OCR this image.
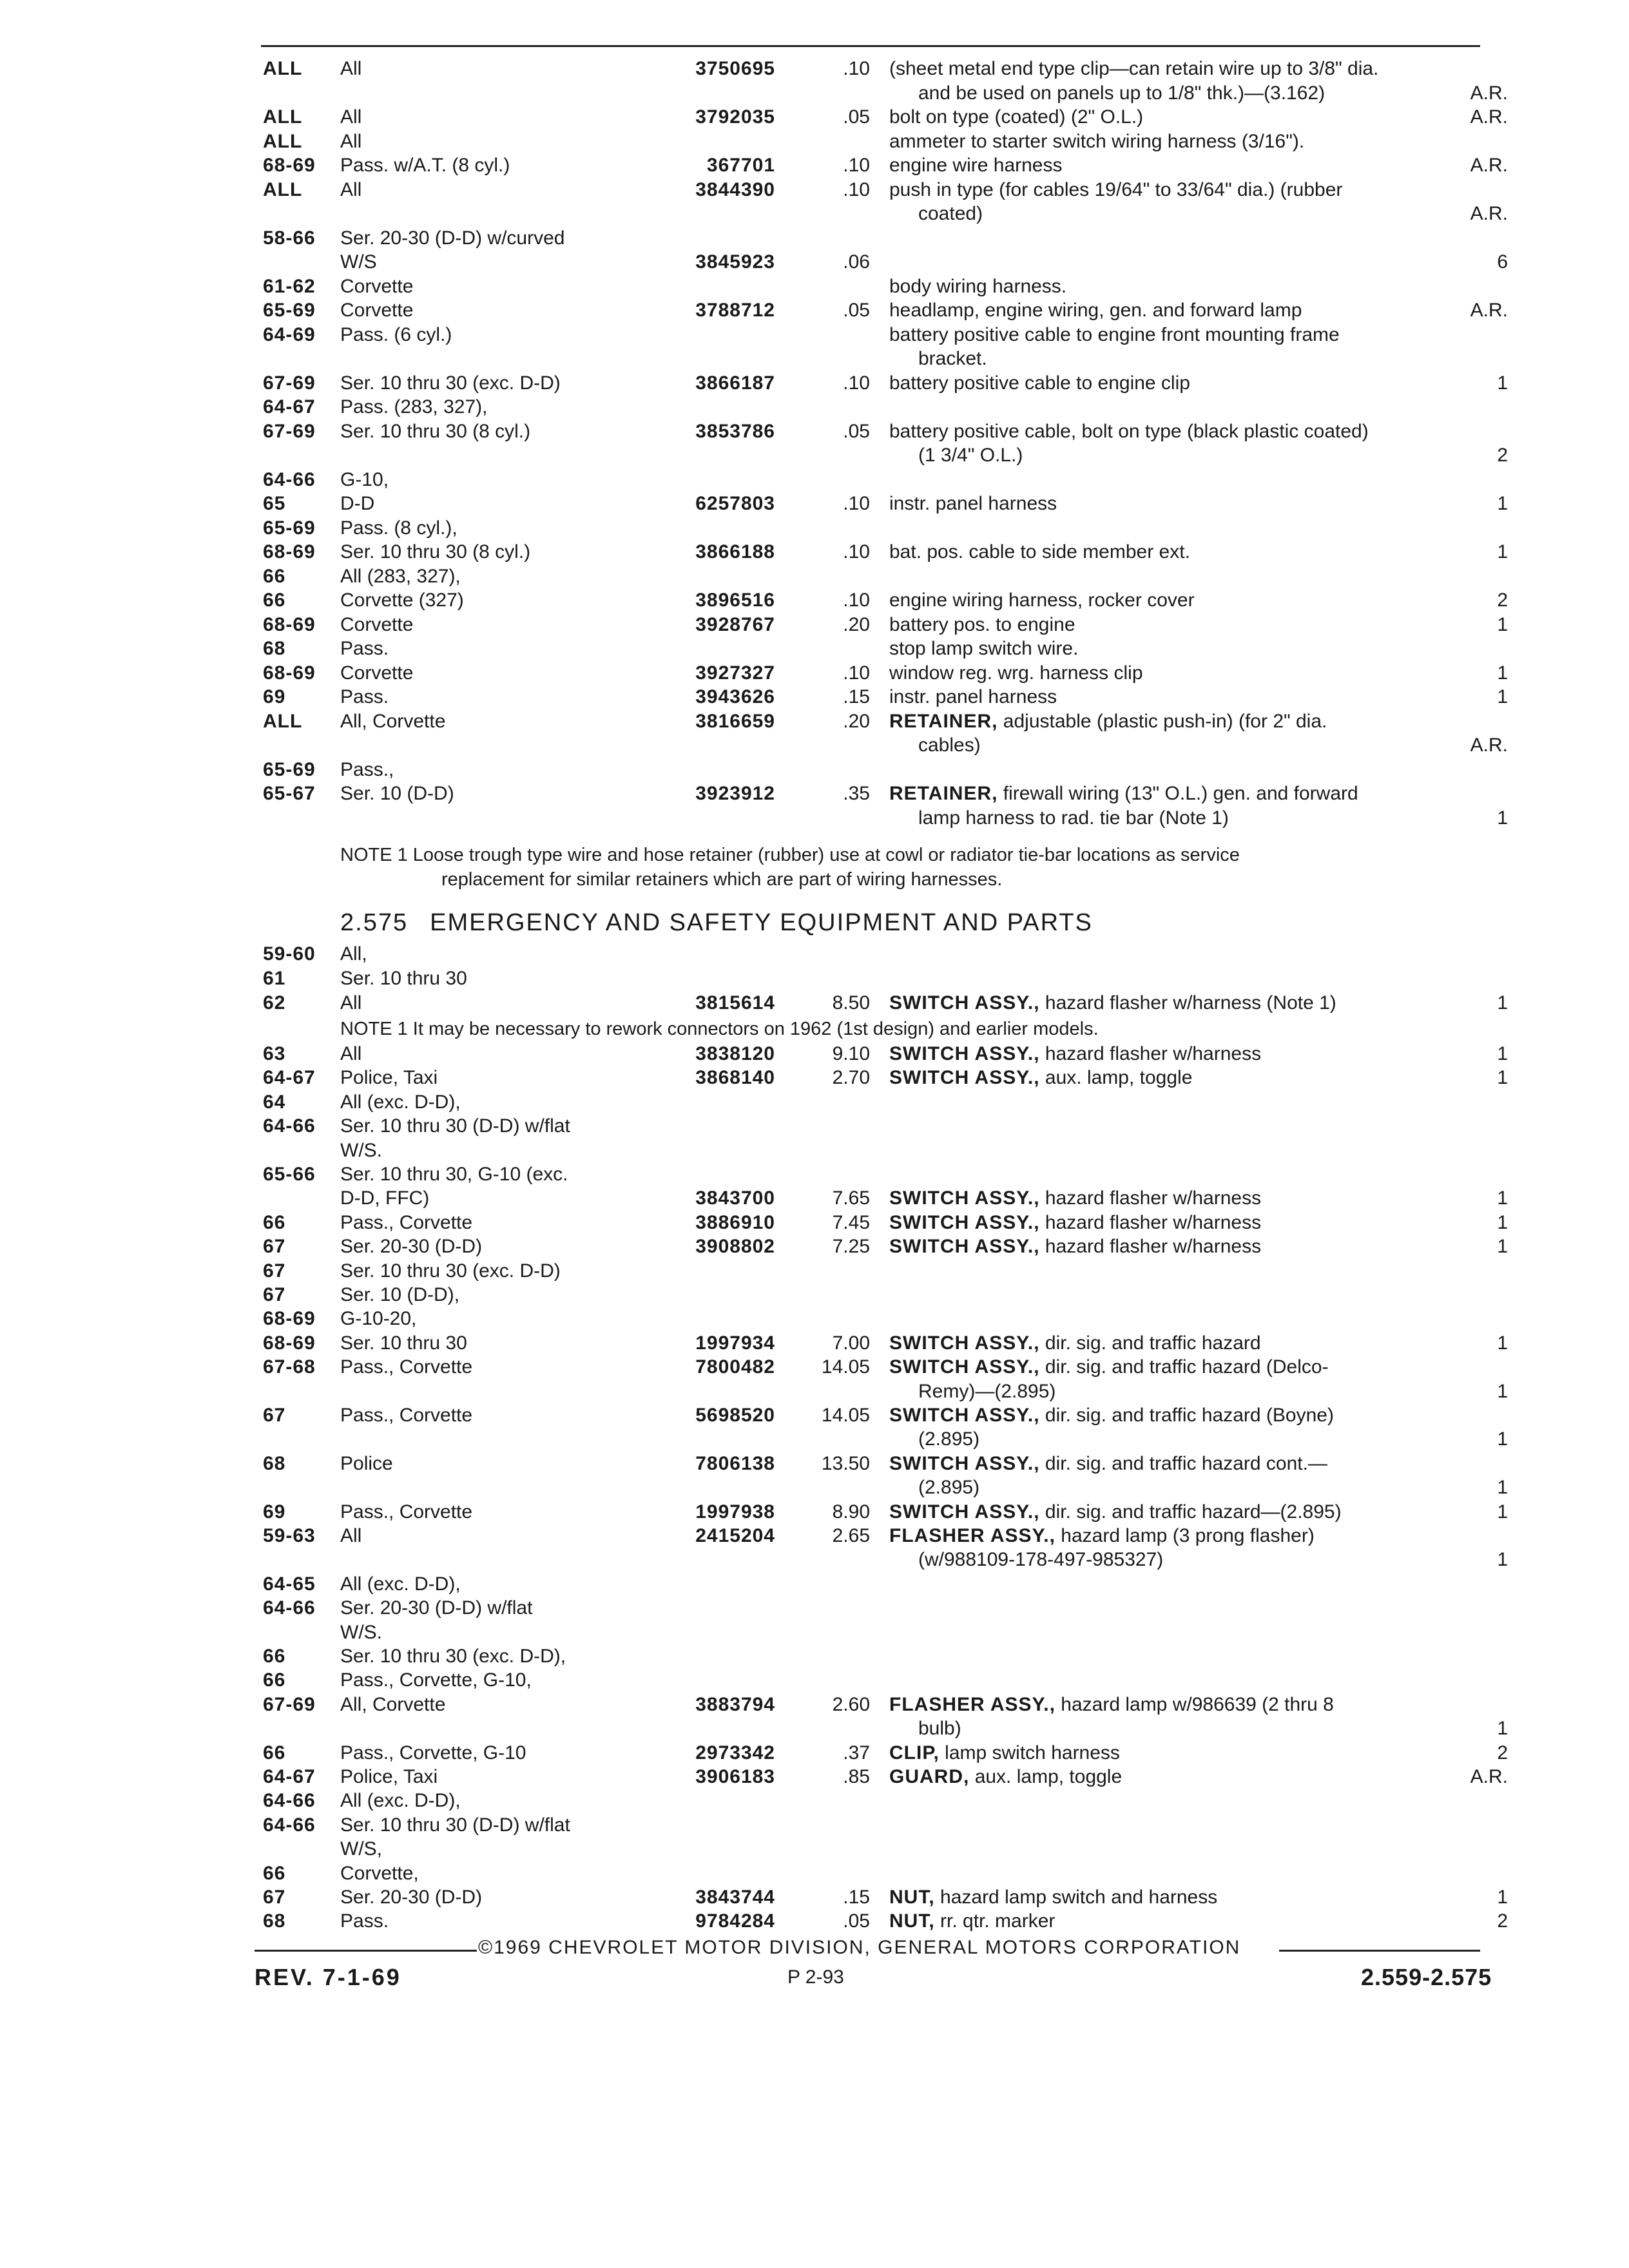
ALL All	3750695	.10 (sheet metal end type clip—can retain wire up to 3/8" dia.
and be used on panels up to 1/8" thk.)—(3.162)	A.R.
ALL All	3792035	.05 bolt on type (coated) (2" O.L.)	A.R.
ALL All	ammeter to starter switch wiring harness (3/16").
68-69 Pass. w/A.T. (8 cyl.)	367701	.10 engine wire harness	A.R.
ALL All	3844390	.10 push in type (for cables 19/64" to 33/64" dia.) (rubber
coated)	A.R.
58-66 Ser. 20-30 (D-D) w/curved
W/S	3845923	.06	6
61-62 Corvette	body wiring harness.
65-69 Corvette	3788712	.05 headlamp, engine wiring, gen. and forward lamp	A.R.
64-69 Pass. (6 cyl.)	battery positive cable to engine front mounting frame
bracket.
67-69 Ser. 10 thru 30 (exc. D-D)	3866187	.10 battery positive cable to engine clip	1
64-67 Pass. (283, 327),
67-69 Ser. 10 thru 30 (8 cyl.)	3853786	.05 battery positive cable, bolt on type (black plastic coated)
(1 3/4" O.L.)	2
64-66 G-10,
65	D-D	6257803	.10 instr. panel harness	1
65-69 Pass. (8 cyl.),
68-69 Ser. 10 thru 30 (8 cyl.)	3866188	.10 bat. pos. cable to side member ext.	1
66	All (283, 327),
66	Corvette (327)	3896516	.10 engine wiring harness, rocker cover	2
68-69 Corvette	3928767	.20 battery pos. to engine	1
68	Pass.	stop lamp switch wire.
68-69 Corvette	3927327	.10 window reg. wrg. harness clip	1
69	Pass.	3943626	.15 instr. panel harness	1
ALL All, Corvette	3816659	.20 RETAINER, adjustable (plastic push-in) (for 2" dia.
cables)	A.R.
65-69 Pass.,
65-67 Ser. 10 (D-D)	3923912	.35 RETAINER, firewall wiring (13" O.L.) gen. and forward
lamp harness to rad. tie bar (Note 1)	1
NOTE 1 Loose trough type wire and hose retainer (rubber) use at cowl or radiator tie-bar locations as service
replacement for similar retainers which are part of wiring harnesses.
2.575 EMERGENCY AND SAFETY EQUIPMENT AND PARTS
59-60 All,
61	Ser. 10 thru 30
62	All	3815614	8.50 SWITCH ASSY., hazard flasher w/harness (Note 1)	1
NOTE 1 It may be necessary to rework connectors on 1962 (1st design) and earlier models.
63	All	3838120	9.10 SWITCH ASSY., hazard flasher w/harness	1
64-67 Police, Taxi	3868140	2.70 SWITCH ASSY., aux. lamp, toggle	1
64	All (exc. D-D),
64-66 Ser. 10 thru 30 (D-D) w/flat
W/S.
65-66 Ser. 10 thru 30, G-10 (exc.
D-D, FFC)	3843700	7.65 SWITCH ASSY., hazard flasher w/harness	1
66	Pass., Corvette	3886910	7.45 SWITCH ASSY., hazard flasher w/harness	1
67	Ser. 20-30 (D-D)	3908802	7.25 SWITCH ASSY., hazard flasher w/harness	1
67	Ser. 10 thru 30 (exc. D-D)
67	Ser. 10 (D-D),
68-69 G-10-20,
68-69 Ser. 10 thru 30	1997934	7.00 SWITCH ASSY., dir. sig. and traffic hazard	1
67-68 Pass., Corvette	7800482	14.05 SWITCH ASSY., dir. sig. and traffic hazard (Delco-
Remy)—(2.895)	1
67	Pass., Corvette	5698520	14.05 SWITCH ASSY., dir. sig. and traffic hazard (Boyne)
(2.895)	1
68	Police	7806138	13.50 SWITCH ASSY., dir. sig. and traffic hazard cont.—
(2.895)	1
69	Pass., Corvette	1997938	8.90 SWITCH ASSY., dir. sig. and traffic hazard—(2.895)	1
59-63 All	2415204	2.65 FLASHER ASSY., hazard lamp (3 prong flasher)
(w/988109-178-497-985327)	1
64-65 All (exc. D-D),
64-66 Ser. 20-30 (D-D) w/flat
W/S.
66	Ser. 10 thru 30 (exc. D-D),
66	Pass., Corvette, G-10,
67-69 All, Corvette	3883794	2.60 FLASHER ASSY., hazard lamp w/986639 (2 thru 8
bulb)	1
66	Pass., Corvette, G-10	2973342	.37 CLIP, lamp switch harness	2
64-67 Police, Taxi	3906183	.85 GUARD, aux. lamp, toggle	A.R.
64-66 All (exc. D-D),
64-66 Ser. 10 thru 30 (D-D) w/flat
W/S,
66	Corvette,
67	Ser. 20-30 (D-D)	3843744	.15 NUT, hazard lamp switch and harness	1
68	Pass.	9784284	.05 NUT, rr. qtr. marker	2
©1969 CHEVROLET MOTOR DIVISION, GENERAL MOTORS CORPORATION
REV. 7-1-69	P 2-93	2.559-2.575
